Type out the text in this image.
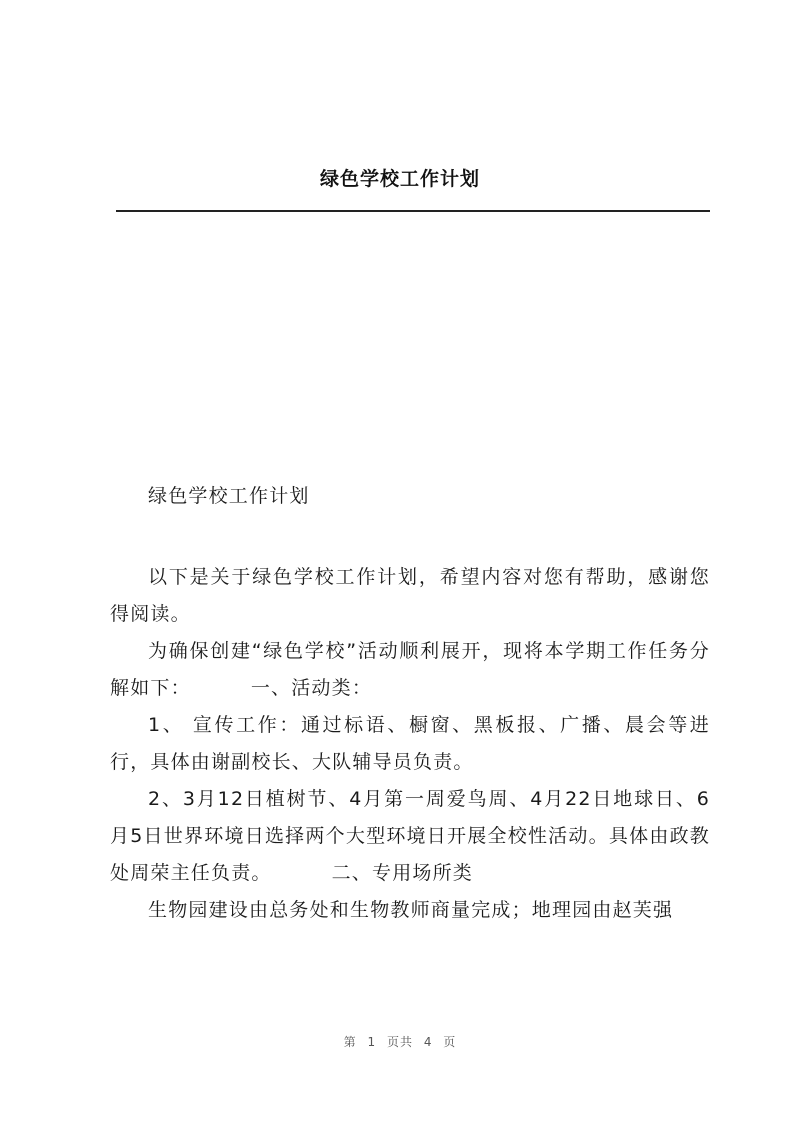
绿色学校工作计划

绿色学校工作计划

以下是关于绿色学校工作计划，希望内容对您有帮助，感谢您得阅读。

为确保创建“绿色学校”活动顺利展开，现将本学期工作任务分解如下：	一、活动类：

1、 宣传工作：通过标语、橱窗、黑板报、广播、晨会等进行，具体由谢副校长、大队辅导员负责。

2、3月12日植树节、4月第一周爱鸟周、4月22日地球日、6月5日世界环境日选择两个大型环境日开展全校性活动。具体由政教处周荣主任负责。	二、专用场所类

生物园建设由总务处和生物教师商量完成；地理园由赵芙强

第 1 页共 4 页
